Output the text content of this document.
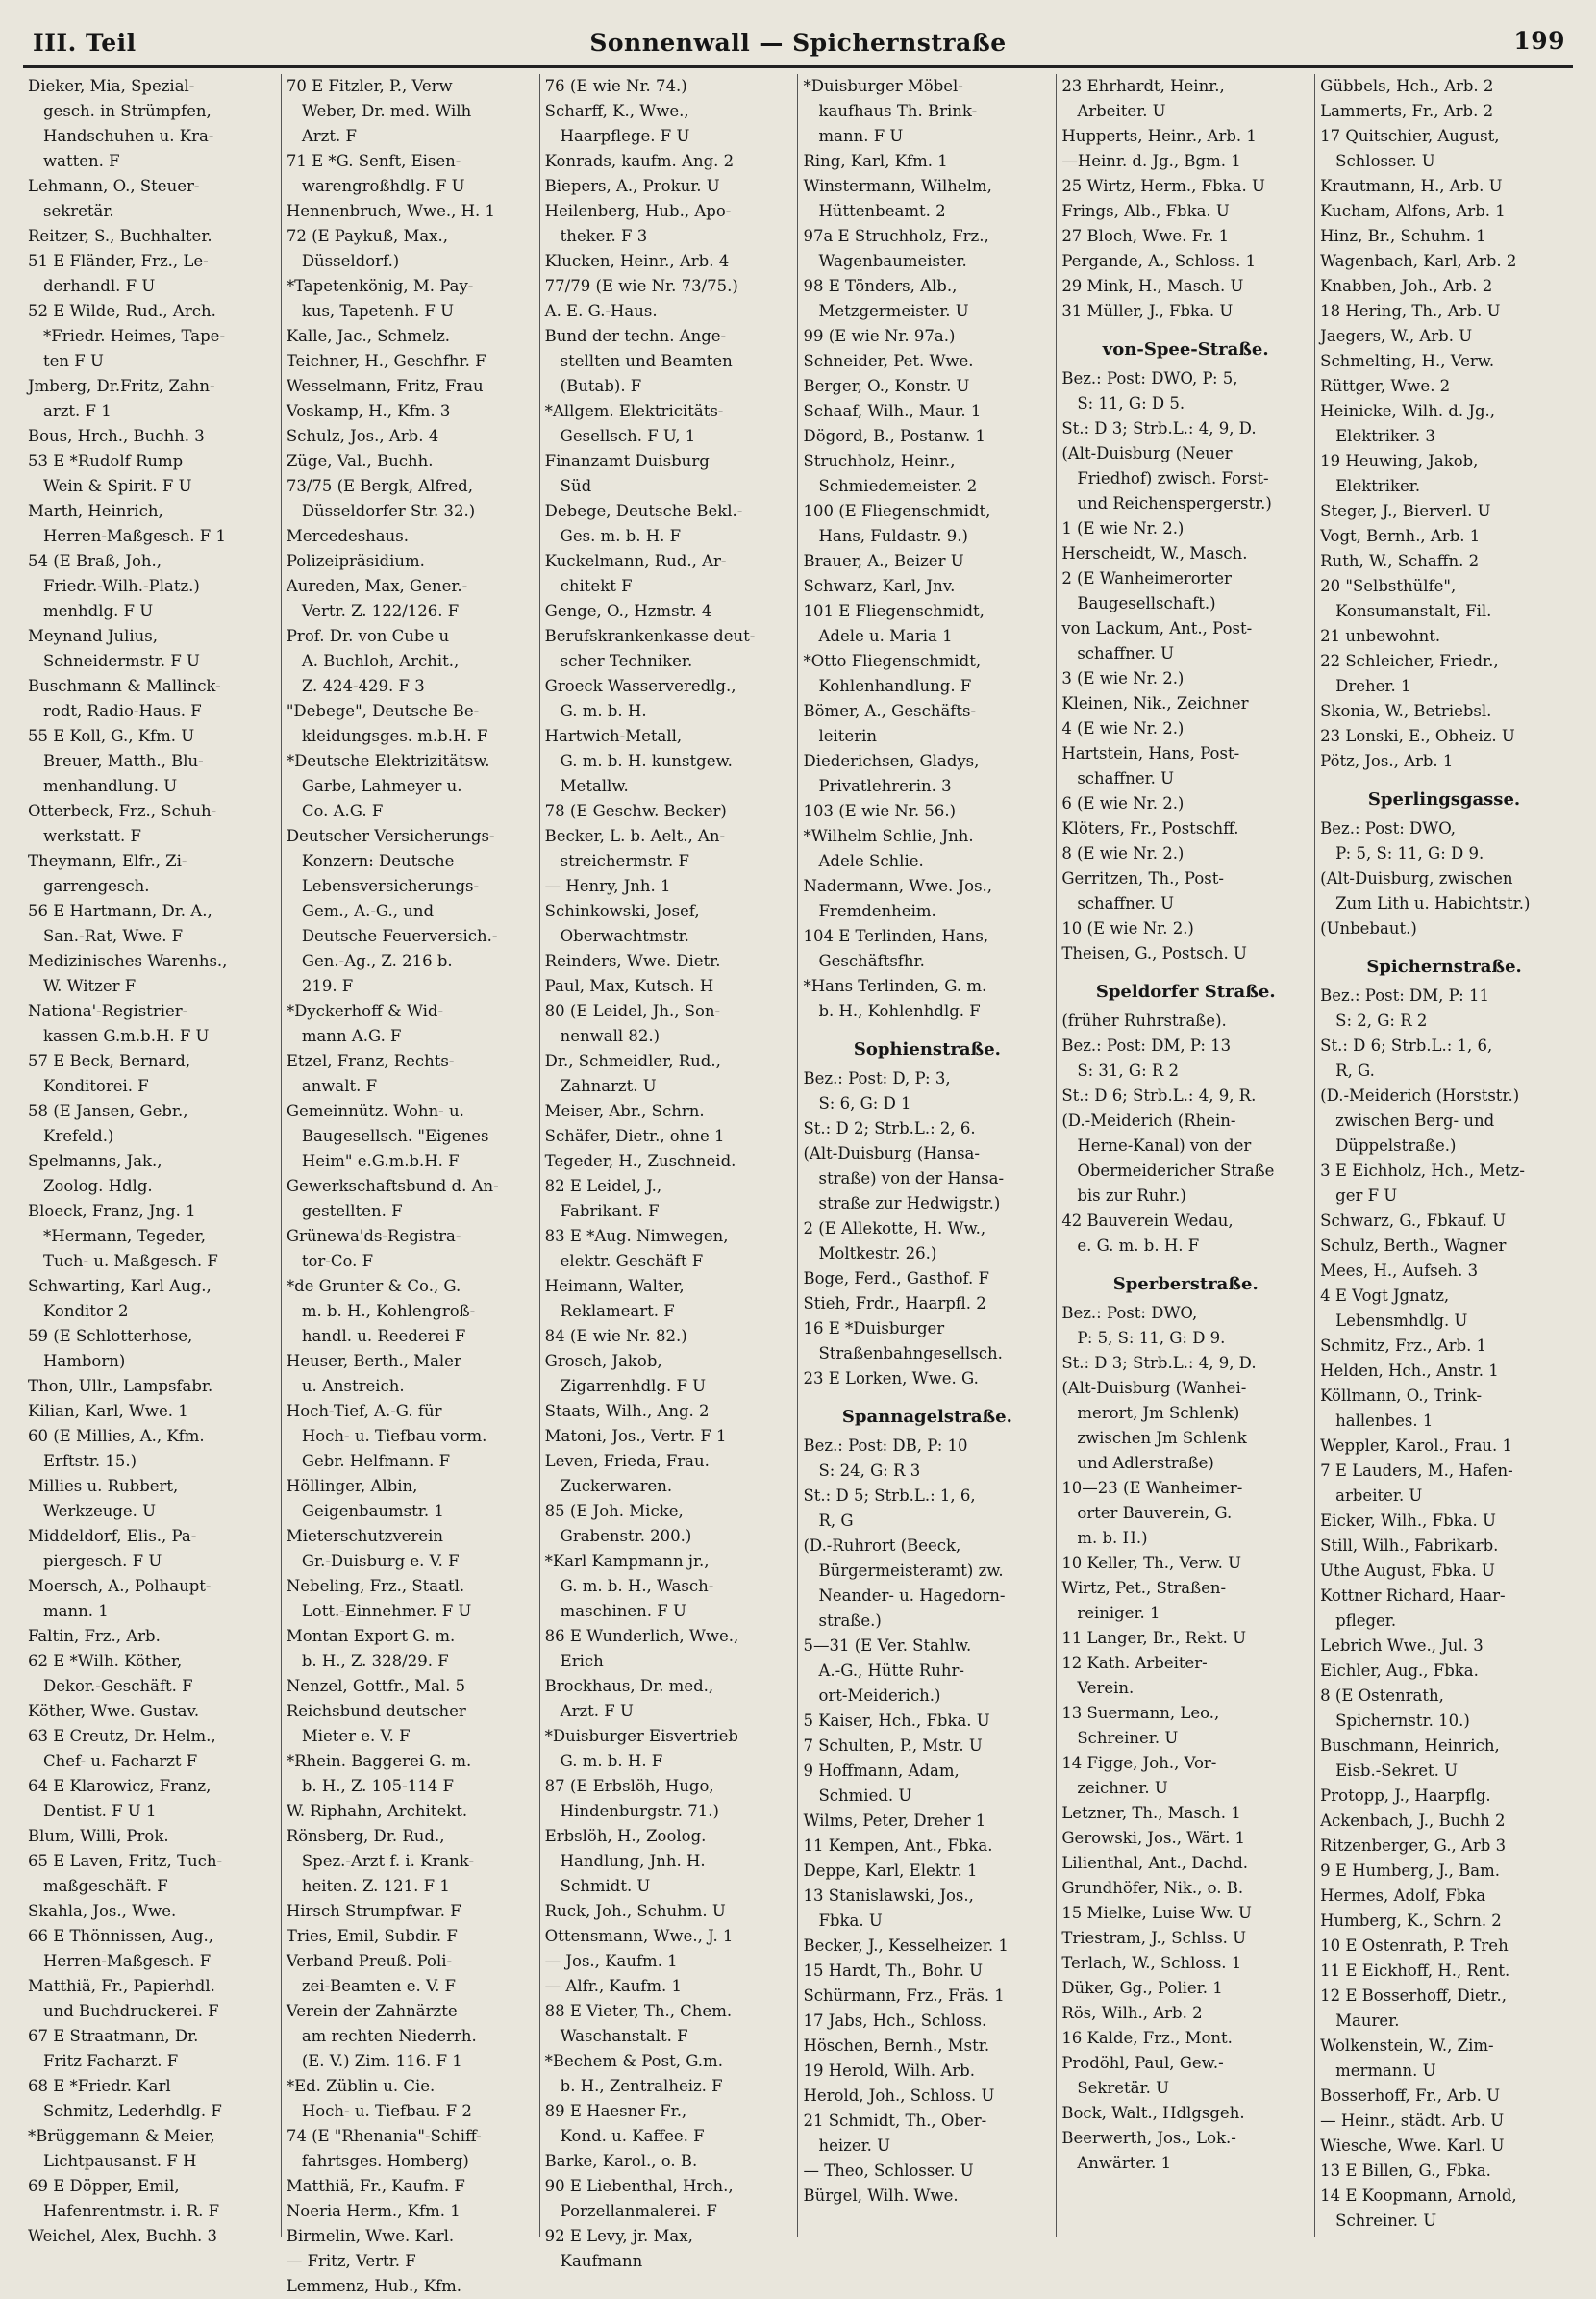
III. Teil	Sonnenwall — Spichernstraße	199
Dieker, Mia, Spezial-
gesch. in Strümpfen,
Handschuhen u. Kra-
watten. F
Lehmann, O., Steuer-
sekretär.
Reitzer, S., Buchhalter.
51 E Fländer, Frz., Le-
derhandl. F U
52 E Wilde, Rud., Arch.
*Friedr. Heimes, Tape-
ten F U
Jmberg, Dr.Fritz, Zahn-
arzt. F 1
Bous, Hrch., Buchh. 3
53 E *Rudolf Rump
Wein & Spirit. F U
Marth, Heinrich,
Herren-Maßgesch. F 1
54 (E Braß, Joh.,
Friedr.-Wilh.-Platz.)
menhdlg. F U
Meynand Julius,
Schneidermstr. F U
Buschmann & Mallinck-
rodt, Radio-Haus. F
55 E Koll, G., Kfm. U
Breuer, Matth., Blu-
menhandlung. U
Otterbeck, Frz., Schuh-
werkstatt. F
Theymann, Elfr., Zi-
garrengesch.
56 E Hartmann, Dr. A.,
San.-Rat, Wwe. F
Medizinisches Warenhs.,
W. Witzer F
Nationa'-Registrier-
kassen G.m.b.H. F U
57 E Beck, Bernard,
Konditorei. F
58 (E Jansen, Gebr.,
Krefeld.)
Spelmanns, Jak.,
Zoolog. Hdlg.
Bloeck, Franz, Jng. 1
*Hermann, Tegeder,
Tuch- u. Maßgesch. F
Schwarting, Karl Aug.,
Konditor 2
59 (E Schlotterhose,
Hamborn)
Thon, Ullr., Lampsfabr.
Kilian, Karl, Wwe. 1
60 (E Millies, A., Kfm.
Erftstr. 15.)
Millies u. Rubbert,
Werkzeuge. U
Middeldorf, Elis., Pa-
piergesch. F U
Moersch, A., Polhaupt-
mann. 1
Faltin, Frz., Arb.
62 E *Wilh. Köther,
Dekor.-Geschäft. F
Köther, Wwe. Gustav.
63 E Creutz, Dr. Helm.,
Chef- u. Facharzt F
64 E Klarowicz, Franz,
Dentist. F U 1
Blum, Willi, Prok.
65 E Laven, Fritz, Tuch-
maßgeschäft. F
Skahla, Jos., Wwe.
66 E Thönnissen, Aug.,
Herren-Maßgesch. F
Matthiä, Fr., Papierhdl.
und Buchdruckerei. F
67 E Straatmann, Dr.
Fritz Facharzt. F
68 E *Friedr. Karl
Schmitz, Lederhdlg. F
*Brüggemann & Meier,
Lichtpausanst. F H
69 E Döpper, Emil,
Hafenrentmstr. i. R. F
Weichel, Alex, Buchh. 3
70 E Fitzler, P., Verw
Weber, Dr. med. Wilh
Arzt. F
71 E *G. Senft, Eisen-
warengroßhdlg. F U
Hennenbruch, Wwe., H. 1
72 (E Paykuß, Max.,
Düsseldorf.)
*Tapetenkönig, M. Pay-
kus, Tapetenh. F U
Kalle, Jac., Schmelz.
Teichner, H., Geschfhr. F
Wesselmann, Fritz, Frau
Voskamp, H., Kfm. 3
Schulz, Jos., Arb. 4
Züge, Val., Buchh.
73/75 (E Bergk, Alfred,
Düsseldorfer Str. 32.)
Mercedeshaus.
Polizeipräsidium.
Aureden, Max, Gener.-
Vertr. Z. 122/126. F
Prof. Dr. von Cube u
A. Buchloh, Archit.,
Z. 424-429. F 3
"Debege", Deutsche Be-
kleidungsges. m.b.H. F
*Deutsche Elektrizitätsw.
Garbe, Lahmeyer u.
Co. A.G. F
Deutscher Versicherungs-
Konzern: Deutsche
Lebensversicherungs-
Gem., A.-G., und
Deutsche Feuerversich.-
Gen.-Ag., Z. 216 b.
219. F
*Dyckerhoff & Wid-
mann A.G. F
Etzel, Franz, Rechts-
anwalt. F
Gemeinnütz. Wohn- u.
Baugesellsch. "Eigenes
Heim" e.G.m.b.H. F
Gewerkschaftsbund d. An-
gestellten. F
Grünewa'ds-Registra-
tor-Co. F
*de Grunter & Co., G.
m. b. H., Kohlengroß-
handl. u. Reederei F
Heuser, Berth., Maler
u. Anstreich.
Hoch-Tief, A.-G. für
Hoch- u. Tiefbau vorm.
Gebr. Helfmann. F
Höllinger, Albin,
Geigenbaumstr. 1
Mieterschutzverein
Gr.-Duisburg e. V. F
Nebeling, Frz., Staatl.
Lott.-Einnehmer. F U
Montan Export G. m.
b. H., Z. 328/29. F
Nenzel, Gottfr., Mal. 5
Reichsbund deutscher
Mieter e. V. F
*Rhein. Baggerei G. m.
b. H., Z. 105-114 F
W. Riphahn, Architekt.
Rönsberg, Dr. Rud.,
Spez.-Arzt f. i. Krank-
heiten. Z. 121. F 1
Hirsch Strumpfwar. F
Tries, Emil, Subdir. F
Verband Preuß. Poli-
zei-Beamten e. V. F
Verein der Zahnärzte
am rechten Niederrh.
(E. V.) Zim. 116. F 1
*Ed. Züblin u. Cie.
Hoch- u. Tiefbau. F 2
74 (E "Rhenania"-Schiff-
fahrtsges. Homberg)
Matthiä, Fr., Kaufm. F
Noeria Herm., Kfm. 1
Birmelin, Wwe. Karl.
— Fritz, Vertr. F
Lemmenz, Hub., Kfm.
76 (E wie Nr. 74.)
Scharff, K., Wwe.,
Haarpflege. F U
Konrads, kaufm. Ang. 2
Biepers, A., Prokur. U
Heilenberg, Hub., Apo-
theker. F 3
Klucken, Heinr., Arb. 4
77/79 (E wie Nr. 73/75.)
A. E. G.-Haus.
Bund der techn. Ange-
stellten und Beamten
(Butab). F
*Allgem. Elektricitäts-
Gesellsch. F U, 1
Finanzamt Duisburg
Süd
Debege, Deutsche Bekl.-
Ges. m. b. H. F
Kuckelmann, Rud., Ar-
chitekt F
Genge, O., Hzmstr. 4
Berufskrankenkasse deut-
scher Techniker.
Groeck Wasserveredlg.,
G. m. b. H.
Hartwich-Metall,
G. m. b. H. kunstgew.
Metallw.
78 (E Geschw. Becker)
Becker, L. b. Aelt., An-
streichermstr. F
— Henry, Jnh. 1
Schinkowski, Josef,
Oberwachtmstr.
Reinders, Wwe. Dietr.
Paul, Max, Kutsch. H
80 (E Leidel, Jh., Son-
nenwall 82.)
Dr., Schmeidler, Rud.,
Zahnarzt. U
Meiser, Abr., Schrn.
Schäfer, Dietr., ohne 1
Tegeder, H., Zuschneid.
82 E Leidel, J.,
Fabrikant. F
83 E *Aug. Nimwegen,
elektr. Geschäft F
Heimann, Walter,
Reklameart. F
84 (E wie Nr. 82.)
Grosch, Jakob,
Zigarrenhdlg. F U
Staats, Wilh., Ang. 2
Matoni, Jos., Vertr. F 1
Leven, Frieda, Frau.
Zuckerwaren.
85 (E Joh. Micke,
Grabenstr. 200.)
*Karl Kampmann jr.,
G. m. b. H., Wasch-
maschinen. F U
86 E Wunderlich, Wwe.,
Erich
Brockhaus, Dr. med.,
Arzt. F U
*Duisburger Eisvertrieb
G. m. b. H. F
87 (E Erbslöh, Hugo,
Hindenburgstr. 71.)
Erbslöh, H., Zoolog.
Handlung, Jnh. H.
Schmidt. U
Ruck, Joh., Schuhm. U
Ottensmann, Wwe., J. 1
— Jos., Kaufm. 1
— Alfr., Kaufm. 1
88 E Vieter, Th., Chem.
Waschanstalt. F
*Bechem & Post, G.m.
b. H., Zentralheiz. F
89 E Haesner Fr.,
Kond. u. Kaffee. F
Barke, Karol., o. B.
90 E Liebenthal, Hrch.,
Porzellanmalerei. F
92 E Levy, jr. Max,
Kaufmann
*Duisburger Möbel-
kaufhaus Th. Brink-
mann. F U
Ring, Karl, Kfm. 1
Winstermann, Wilhelm,
Hüttenbeamt. 2
97a E Struchholz, Frz.,
Wagenbaumeister.
98 E Tönders, Alb.,
Metzgermeister. U
99 (E wie Nr. 97a.)
Schneider, Pet. Wwe.
Berger, O., Konstr. U
Schaaf, Wilh., Maur. 1
Dögord, B., Postanw. 1
Struchholz, Heinr.,
Schmiedemeister. 2
100 (E Fliegenschmidt,
Hans, Fuldastr. 9.)
Brauer, A., Beizer U
Schwarz, Karl, Jnv.
101 E Fliegenschmidt,
Adele u. Maria 1
*Otto Fliegenschmidt,
Kohlenhandlung. F
Bömer, A., Geschäfts-
leiterin
Diederichsen, Gladys,
Privatlehrerin. 3
103 (E wie Nr. 56.)
*Wilhelm Schlie, Jnh.
Adele Schlie.
Nadermann, Wwe. Jos.,
Fremdenheim.
104 E Terlinden, Hans,
Geschäftsfhr.
*Hans Terlinden, G. m.
b. H., Kohlenhdlg. F
Sophienstraße.
Bez.: Post: D, P: 3,
S: 6, G: D 1
St.: D 2; Strb.L.: 2, 6.
(Alt-Duisburg (Hansa-
straße) von der Hansa-
straße zur Hedwigstr.)
2 (E Allekotte, H. Ww.,
Moltkestr. 26.)
Boge, Ferd., Gasthof. F
Stieh, Frdr., Haarpfl. 2
16 E *Duisburger
Straßenbahngesellsch.
23 E Lorken, Wwe. G.
Spannagelstraße.
Bez.: Post: DB, P: 10
S: 24, G: R 3
St.: D 5; Strb.L.: 1, 6,
R, G
(D.-Ruhrort (Beeck,
Bürgermeisteramt) zw.
Neander- u. Hagedorn-
straße.)
5—31 (E Ver. Stahlw.
A.-G., Hütte Ruhr-
ort-Meiderich.)
5 Kaiser, Hch., Fbka. U
7 Schulten, P., Mstr. U
9 Hoffmann, Adam,
Schmied. U
Wilms, Peter, Dreher 1
11 Kempen, Ant., Fbka.
Deppe, Karl, Elektr. 1
13 Stanislawski, Jos.,
Fbka. U
Becker, J., Kesselheizer. 1
15 Hardt, Th., Bohr. U
Schürmann, Frz., Fräs. 1
17 Jabs, Hch., Schloss.
Höschen, Bernh., Mstr.
19 Herold, Wilh. Arb.
Herold, Joh., Schloss. U
21 Schmidt, Th., Ober-
heizer. U
— Theo, Schlosser. U
Bürgel, Wilh. Wwe.
23 Ehrhardt, Heinr.,
Arbeiter. U
Hupperts, Heinr., Arb. 1
—Heinr. d. Jg., Bgm. 1
25 Wirtz, Herm., Fbka. U
Frings, Alb., Fbka. U
27 Bloch, Wwe. Fr. 1
Pergande, A., Schloss. 1
29 Mink, H., Masch. U
31 Müller, J., Fbka. U
von-Spee-Straße.
Bez.: Post: DWO, P: 5,
S: 11, G: D 5.
St.: D 3; Strb.L.: 4, 9, D.
(Alt-Duisburg (Neuer
Friedhof) zwisch. Forst-
und Reichenspergerstr.)
1 (E wie Nr. 2.)
Herscheidt, W., Masch.
2 (E Wanheimerorter
Baugesellschaft.)
von Lackum, Ant., Post-
schaffner. U
3 (E wie Nr. 2.)
Kleinen, Nik., Zeichner
4 (E wie Nr. 2.)
Hartstein, Hans, Post-
schaffner. U
6 (E wie Nr. 2.)
Klöters, Fr., Postschff.
8 (E wie Nr. 2.)
Gerritzen, Th., Post-
schaffner. U
10 (E wie Nr. 2.)
Theisen, G., Postsch. U
Speldorfer Straße.
(früher Ruhrstraße).
Bez.: Post: DM, P: 13
S: 31, G: R 2
St.: D 6; Strb.L.: 4, 9, R.
(D.-Meiderich (Rhein-
Herne-Kanal) von der
Obermeidericher Straße
bis zur Ruhr.)
42 Bauverein Wedau,
e. G. m. b. H. F
Sperberstraße.
Bez.: Post: DWO,
P: 5, S: 11, G: D 9.
St.: D 3; Strb.L.: 4, 9, D.
(Alt-Duisburg (Wanhei-
merort, Jm Schlenk)
zwischen Jm Schlenk
und Adlerstraße)
10—23 (E Wanheimer-
orter Bauverein, G.
m. b. H.)
10 Keller, Th., Verw. U
Wirtz, Pet., Straßen-
reiniger. 1
11 Langer, Br., Rekt. U
12 Kath. Arbeiter-
Verein.
13 Suermann, Leo.,
Schreiner. U
14 Figge, Joh., Vor-
zeichner. U
Letzner, Th., Masch. 1
Gerowski, Jos., Wärt. 1
Lilienthal, Ant., Dachd.
Grundhöfer, Nik., o. B.
15 Mielke, Luise Ww. U
Triestram, J., Schlss. U
Terlach, W., Schloss. 1
Düker, Gg., Polier. 1
Rös, Wilh., Arb. 2
16 Kalde, Frz., Mont.
Prodöhl, Paul, Gew.-
Sekretär. U
Bock, Walt., Hdlgsgeh.
Beerwerth, Jos., Lok.-
Anwärter. 1
Gübbels, Hch., Arb. 2
Lammerts, Fr., Arb. 2
17 Quitschier, August,
Schlosser. U
Krautmann, H., Arb. U
Kucham, Alfons, Arb. 1
Hinz, Br., Schuhm. 1
Wagenbach, Karl, Arb. 2
Knabben, Joh., Arb. 2
18 Hering, Th., Arb. U
Jaegers, W., Arb. U
Schmelting, H., Verw.
Rüttger, Wwe. 2
Heinicke, Wilh. d. Jg.,
Elektriker. 3
19 Heuwing, Jakob,
Elektriker.
Steger, J., Bierverl. U
Vogt, Bernh., Arb. 1
Ruth, W., Schaffn. 2
20 "Selbsthülfe",
Konsumanstalt, Fil.
21 unbewohnt.
22 Schleicher, Friedr.,
Dreher. 1
Skonia, W., Betriebsl.
23 Lonski, E., Obheiz. U
Pötz, Jos., Arb. 1
Sperlingsgasse.
Bez.: Post: DWO,
P: 5, S: 11, G: D 9.
(Alt-Duisburg, zwischen
Zum Lith u. Habichtstr.)
(Unbebaut.)
Spichernstraße.
Bez.: Post: DM, P: 11
S: 2, G: R 2
St.: D 6; Strb.L.: 1, 6,
R, G.
(D.-Meiderich (Horststr.)
zwischen Berg- und
Düppelstraße.)
3 E Eichholz, Hch., Metz-
ger F U
Schwarz, G., Fbkauf. U
Schulz, Berth., Wagner
Mees, H., Aufseh. 3
4 E Vogt Jgnatz,
Lebensmhdlg. U
Schmitz, Frz., Arb. 1
Helden, Hch., Anstr. 1
Köllmann, O., Trink-
hallenbes. 1
Weppler, Karol., Frau. 1
7 E Lauders, M., Hafen-
arbeiter. U
Eicker, Wilh., Fbka. U
Still, Wilh., Fabrikarb.
Uthe August, Fbka. U
Kottner Richard, Haar-
pfleger.
Lebrich Wwe., Jul. 3
Eichler, Aug., Fbka.
8 (E Ostenrath,
Spichernstr. 10.)
Buschmann, Heinrich,
Eisb.-Sekret. U
Protopp, J., Haarpflg.
Ackenbach, J., Buchh 2
Ritzenberger, G., Arb 3
9 E Humberg, J., Bam.
Hermes, Adolf, Fbka
Humberg, K., Schrn. 2
10 E Ostenrath, P. Treh
11 E Eickhoff, H., Rent.
12 E Bosserhoff, Dietr.,
Maurer.
Wolkenstein, W., Zim-
mermann. U
Bosserhoff, Fr., Arb. U
— Heinr., städt. Arb. U
Wiesche, Wwe. Karl. U
13 E Billen, G., Fbka.
14 E Koopmann, Arnold,
Schreiner. U
